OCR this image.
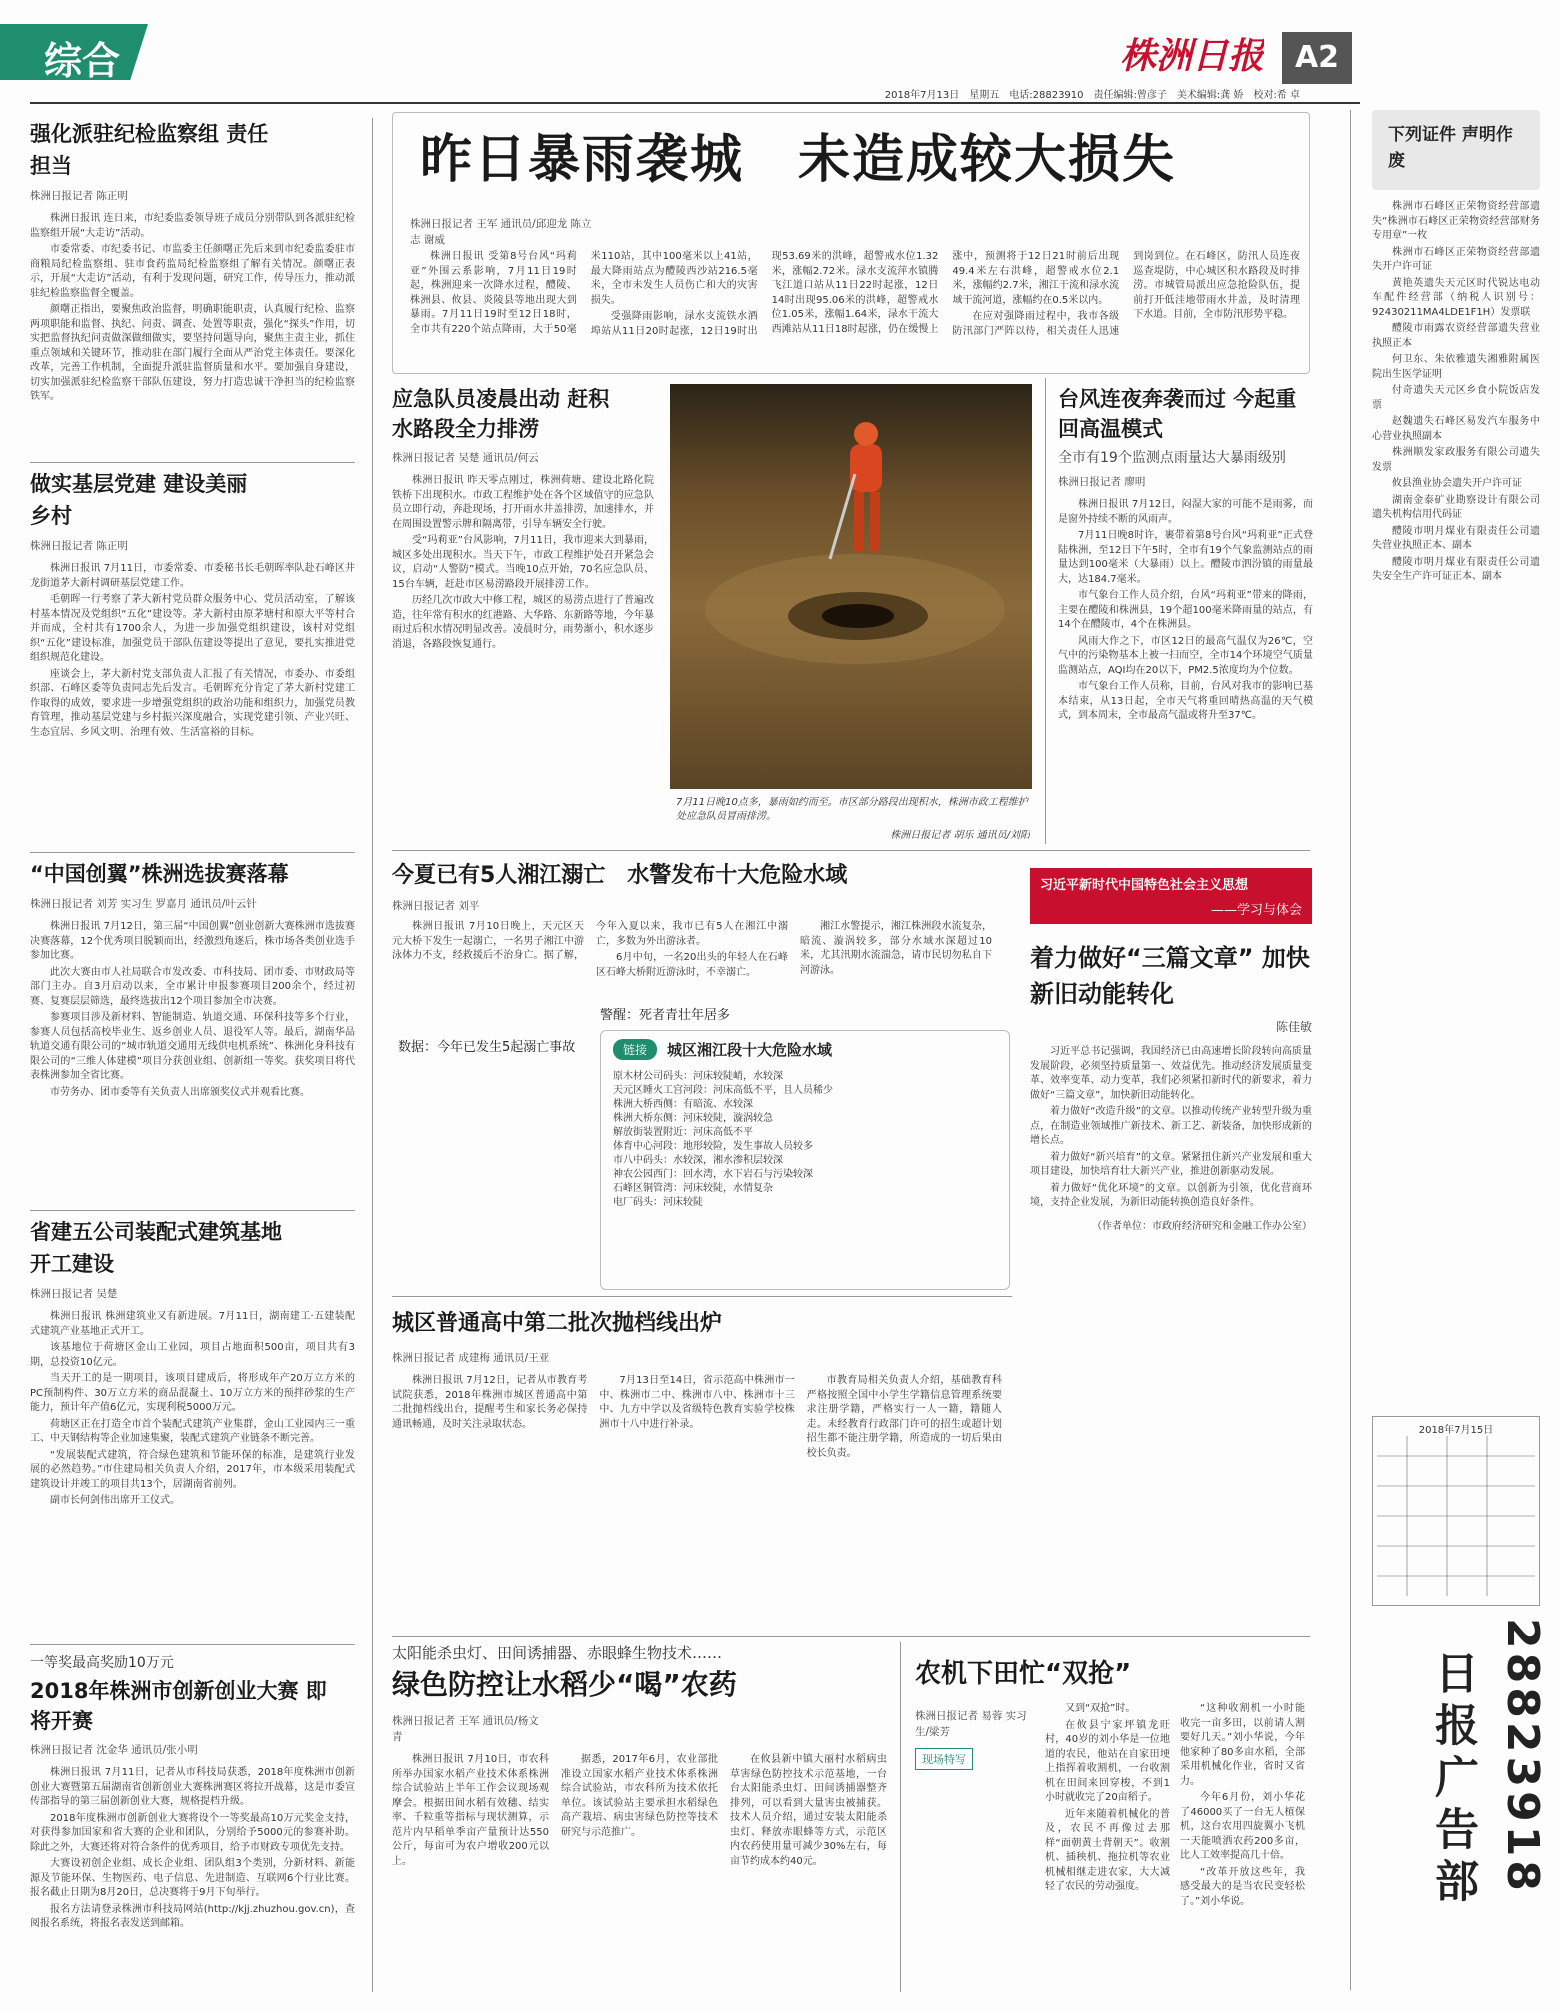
综合	株洲日报	A2
2018年7月13日　星期五　电话:28823910　责任编辑:曾彦子　美术编辑:龚 娇　校对:希 卓
强化派驻纪检监察组 责任担当
株洲日报记者 陈正明

株洲日报讯 连日来，市纪委监委领导班子成员分别带队到各派驻纪检监察组开展“大走访”活动。

市委常委、市纪委书记、市监委主任颜曙正先后来到市纪委监委驻市商粮局纪检监察组、驻市食药监局纪检监察组了解有关情况。颜曙正表示，开展“大走访”活动，有利于发现问题，研究工作，传导压力，推动派驻纪检监察监督全覆盖。

颜曙正指出，要聚焦政治监督，明确职能职责，认真履行纪检、监察两项职能和监督、执纪、问责、调查、处置等职责，强化“探头”作用，切实把监督执纪问责做深做细做实，要坚持问题导向，聚焦主责主业，抓住重点领域和关键环节，推动驻在部门履行全面从严治党主体责任。要深化改革，完善工作机制，全面提升派驻监督质量和水平。要加强自身建设，切实加强派驻纪检监察干部队伍建设，努力打造忠诚干净担当的纪检监察铁军。

做实基层党建 建设美丽乡村
株洲日报记者 陈正明

株洲日报讯 7月11日，市委常委、市委秘书长毛朝晖率队赴石峰区井龙街道茅大新村调研基层党建工作。

毛朝晖一行考察了茅大新村党员群众服务中心、党员活动室，了解该村基本情况及党组织“五化”建设等。茅大新村由原茅塘村和原大平等村合并而成，全村共有1700余人，为进一步加强党组织建设，该村对党组织“五化”建设标准，加强党员干部队伍建设等提出了意见，要扎实推进党组织规范化建设。

座谈会上，茅大新村党支部负责人汇报了有关情况，市委办、市委组织部、石峰区委等负责同志先后发言。毛朝晖充分肯定了茅大新村党建工作取得的成效，要求进一步增强党组织的政治功能和组织力，加强党员教育管理，推动基层党建与乡村振兴深度融合，实现党建引领、产业兴旺、生态宜居、乡风文明、治理有效、生活富裕的目标。

“中国创翼”株洲选拔赛落幕
株洲日报记者 刘芳 实习生 罗嘉月 通讯员/叶云针

株洲日报讯 7月12日，第三届“中国创翼”创业创新大赛株洲市选拔赛决赛落幕，12个优秀项目脱颖而出，经激烈角逐后，株市场各类创业选手参加比赛。

此次大赛由市人社局联合市发改委、市科技局、团市委、市财政局等部门主办。自3月启动以来，全市累计申报参赛项目200余个，经过初赛、复赛层层筛选，最终选拔出12个项目参加全市决赛。

参赛项目涉及新材料、智能制造、轨道交通、环保科技等多个行业，参赛人员包括高校毕业生、返乡创业人员、退役军人等。最后，湖南华品轨道交通有限公司的“城市轨道交通用无线供电机系统”、株洲化身科技有限公司的“三维人体建模”项目分获创业组、创新组一等奖。获奖项目将代表株洲参加全省比赛。

市劳务办、团市委等有关负责人出席颁奖仪式并观看比赛。

省建五公司装配式建筑基地 开工建设
株洲日报记者 吴楚

株洲日报讯 株洲建筑业又有新进展。7月11日，湖南建工·五建装配式建筑产业基地正式开工。

该基地位于荷塘区金山工业园，项目占地面积500亩，项目共有3期，总投资10亿元。

当天开工的是一期项目，该项目建成后，将形成年产20万立方米的PC预制构件、30万立方米的商品混凝土、10万立方米的预拌砂浆的生产能力，预计年产值6亿元，实现利税5000万元。

荷塘区正在打造全市首个装配式建筑产业集群，金山工业园内三一重工、中天钢结构等企业加速集聚，装配式建筑产业链条不断完善。

“发展装配式建筑，符合绿色建筑和节能环保的标准，是建筑行业发展的必然趋势。”市住建局相关负责人介绍，2017年，市本级采用装配式建筑设计并竣工的项目共13个，居湖南省前列。

副市长何剑伟出席开工仪式。

一等奖最高奖励10万元
2018年株洲市创新创业大赛 即将开赛
株洲日报记者 沈金华 通讯员/张小明

株洲日报讯 7月11日，记者从市科技局获悉，2018年度株洲市创新创业大赛暨第五届湖南省创新创业大赛株洲赛区将拉开战幕，这是市委宣传部指导的第三届创新创业大赛，规格提档升级。

2018年度株洲市创新创业大赛将设个一等奖最高10万元奖金支持，对获得参加国家和省大赛的企业和团队，分别给予5000元的参赛补助。除此之外，大赛还将对符合条件的优秀项目，给予市财政专项优先支持。

大赛设初创企业组、成长企业组、团队组3个类别，分新材料、新能源及节能环保、生物医药、电子信息、先进制造、互联网6个行业比赛。报名截止日期为8月20日，总决赛将于9月下旬举行。

报名方法请登录株洲市科技局网站(http://kjj.zhuzhou.gov.cn)，查阅报名系统，将报名表发送到邮箱。

昨日暴雨袭城　未造成较大损失
株洲日报记者 王军 通讯员/邱迎龙 陈立志 谢威

株洲日报讯 受第8号台风“玛莉亚”外围云系影响，7月11日19时起，株洲迎来一次降水过程，醴陵、株洲县、攸县、炎陵县等地出现大到暴雨。7月11日19时至12日18时，全市共有220个站点降雨，大于50毫米110站，其中100毫米以上41站，最大降雨站点为醴陵西沙站216.5毫米，全市未发生人员伤亡和大的灾害损失。

受强降雨影响，渌水支流铁水酒埠站从11日20时起涨，12日19时出现53.69米的洪峰，超警戒水位1.32米，涨幅2.72米。渌水支流萍水镇腾飞江道口站从11日22时起涨，12日14时出现95.06米的洪峰，超警戒水位1.05米，涨幅1.64米，渌水干流大西滩站从11日18时起涨，仍在缓慢上涨中，预测将于12日21时前后出现49.4米左右洪峰，超警戒水位2.1米，涨幅约2.7米，湘江干流和渌水流域干流河道，涨幅约在0.5米以内。

在应对强降雨过程中，我市各级防汛部门严阵以待，相关责任人迅速到岗到位。在石峰区，防汛人员连夜巡查堤防，中心城区积水路段及时排涝。市城管局派出应急抢险队伍，提前打开低洼地带雨水井盖，及时清理下水道。目前，全市防汛形势平稳。

应急队员凌晨出动 赶积水路段全力排涝
株洲日报记者 吴楚 通讯员/何云

株洲日报讯 昨天零点刚过，株洲荷塘、建设北路化院铁桥下出现积水。市政工程维护处在各个区域值守的应急队员立即行动，奔赴现场，打开雨水井盖排涝，加速排水，并在周围设置警示牌和隔离带，引导车辆安全行驶。

受“玛莉亚”台风影响，7月11日，我市迎来大到暴雨，城区多处出现积水。当天下午，市政工程维护处召开紧急会议，启动“人警防”模式。当晚10点开始，70名应急队员、15台车辆，赶赴市区易涝路段开展排涝工作。

历经几次市政大中修工程，城区的易涝点进行了普遍改造，往年常有积水的红港路、大华路、东新路等地，今年暴雨过后积水情况明显改善。凌晨时分，雨势渐小，积水逐步消退，各路段恢复通行。

7月11日晚10点多，暴雨如约而至。市区部分路段出现积水，株洲市政工程维护处应急队员冒雨排涝。
株洲日报记者 胡乐 通讯员/刘阳
台风连夜奔袭而过 今起重回高温模式
全市有19个监测点雨量达大暴雨级别
株洲日报记者 廖明

株洲日报讯 7月12日，闷湿大家的可能不是雨雾，而是窗外持续不断的风雨声。

7月11日晚8时许，裹带着第8号台风“玛莉亚”正式登陆株洲，至12日下午5时，全市有19个气象监测站点的雨量达到100毫米（大暴雨）以上。醴陵市泗汾镇的雨量最大，达184.7毫米。

市气象台工作人员介绍，台风“玛莉亚”带来的降雨，主要在醴陵和株洲县，19个超100毫米降雨量的站点，有14个在醴陵市，4个在株洲县。

风雨大作之下，市区12日的最高气温仅为26℃，空气中的污染物基本上被一扫而空，全市14个环境空气质量监测站点，AQI均在20以下，PM2.5浓度均为个位数。

市气象台工作人员称，目前，台风对我市的影响已基本结束，从13日起，全市天气将重回晴热高温的天气模式，到本周末，全市最高气温或将升至37℃。

今夏已有5人湘江溺亡　水警发布十大危险水域
株洲日报记者 刘平

株洲日报讯 7月10日晚上，天元区天元大桥下发生一起溺亡，一名男子湘江中游泳体力不支，经救援后不治身亡。据了解，今年入夏以来，我市已有5人在湘江中溺亡，多数为外出游泳者。

6月中旬，一名20出头的年轻人在石峰区石峰大桥附近游泳时，不幸溺亡。

湘江水警提示，湘江株洲段水流复杂，暗流、漩涡较多，部分水域水深超过10米，尤其汛期水流湍急，请市民切勿私自下河游泳。

数据：今年已发生5起溺亡事故
警醒：死者青壮年居多
链接	城区湘江段十大危险水域
原木材公司码头：河床较陡峭，水较深
天元区睡火工宫河段：河床高低不平，且人员稀少
株洲大桥西侧：有暗流、水较深
株洲大桥东侧：河床较陡，漩涡较急
解放街装置附近：河床高低不平
体育中心河段：地形较险，发生事故人员较多
市八中码头：水较深，湘水渗积层较深
神农公园西门：回水湾，水下岩石与污染较深
石峰区铜管湾：河床较陡，水情复杂
电厂码头：河床较陡
城区普通高中第二批次抛档线出炉
株洲日报记者 成建梅 通讯员/王亚

株洲日报讯 7月12日，记者从市教育考试院获悉，2018年株洲市城区普通高中第二批抛档线出台，提醒考生和家长务必保持通讯畅通，及时关注录取状态。

7月13日至14日，省示范高中株洲市一中、株洲市二中、株洲市八中、株洲市十三中、九方中学以及省级特色教育实验学校株洲市十八中进行补录。

市教育局相关负责人介绍，基础教育科严格按照全国中小学生学籍信息管理系统要求注册学籍，严格实行一人一籍，籍随人走。未经教育行政部门许可的招生或超计划招生都不能注册学籍，所造成的一切后果由校长负责。

习近平新时代中国特色社会主义思想
——学习与体会
着力做好“三篇文章” 加快新旧动能转化
陈佳敏

习近平总书记强调，我国经济已由高速增长阶段转向高质量发展阶段，必须坚持质量第一、效益优先。推动经济发展质量变革、效率变革、动力变革，我们必须紧扣新时代的新要求，着力做好“三篇文章”，加快新旧动能转化。

着力做好“改造升级”的文章。以推动传统产业转型升级为重点，在制造业领域推广新技术、新工艺、新装备，加快形成新的增长点。

着力做好“新兴培育”的文章。紧紧扭住新兴产业发展和重大项目建设，加快培育壮大新兴产业，推进创新驱动发展。

着力做好“优化环境”的文章。以创新为引领，优化营商环境，支持企业发展，为新旧动能转换创造良好条件。

（作者单位：市政府经济研究和金融工作办公室）
太阳能杀虫灯、田间诱捕器、赤眼蜂生物技术……
绿色防控让水稻少“喝”农药
株洲日报记者 王军 通讯员/杨文青

株洲日报讯 7月10日，市农科所举办国家水稻产业技术体系株洲综合试验站上半年工作会议现场观摩会。根据田间水稻有效穗、结实率、千粒重等指标与现状测算，示范片内早稻单季亩产量预计达550公斤，每亩可为农户增收200元以上。

据悉，2017年6月，农业部批准设立国家水稻产业技术体系株洲综合试验站，市农科所为技术依托单位。该试验站主要承担水稻绿色高产栽培、病虫害绿色防控等技术研究与示范推广。

在攸县新中镇大丽村水稻病虫草害绿色防控技术示范基地，一台台太阳能杀虫灯、田间诱捕器整齐排列，可以看到大量害虫被捕获。技术人员介绍，通过安装太阳能杀虫灯、释放赤眼蜂等方式，示范区内农药使用量可减少30%左右，每亩节约成本约40元。

农机下田忙“双抢”
株洲日报记者 易蓉 实习生/梁芳
现场特写

又到“双抢”时。

在攸县宁家坪镇龙旺村，40岁的刘小华是一位地道的农民，他站在自家田埂上指挥着收割机，一台收割机在田间来回穿梭，不到1小时就收完了20亩稻子。

近年来随着机械化的普及，农民不再像过去那样“面朝黄土背朝天”。收割机、插秧机、拖拉机等农业机械相继走进农家，大大减轻了农民的劳动强度。

“这种收割机一小时能收完一亩多田，以前请人割要好几天。”刘小华说，今年他家种了80多亩水稻，全部采用机械化作业，省时又省力。

今年6月份，刘小华花了46000买了一台无人植保机，这台农用四旋翼小飞机一天能喷洒农药200多亩，比人工效率提高几十倍。

“改革开放这些年，我感受最大的是当农民变轻松了。”刘小华说。

下列证件 声明作废

株洲市石峰区正荣物资经营部遗失“株洲市石峰区正荣物资经营部财务专用章”一枚

株洲市石峰区正荣物资经营部遗失开户许可证

黄艳英遗失天元区时代锐达电动车配件经营部（纳税人识别号：92430211MA4LDE1F1H）发票联

醴陵市雨露农资经营部遗失营业执照正本

何卫东、朱依雅遗失湘雅附属医院出生医学证明

付奇遗失天元区乡食小院饭店发票

赵魏遗失石峰区易发汽车服务中心营业执照副本

株洲顺发家政服务有限公司遗失发票

攸县渔业协会遗失开户许可证

湖南金泰矿业勘察设计有限公司遗失机构信用代码证

醴陵市明月煤业有限责任公司遗失营业执照正本、副本

醴陵市明月煤业有限责任公司遗失安全生产许可证正本、副本

2018年7月15日
28823918
日报广告部
